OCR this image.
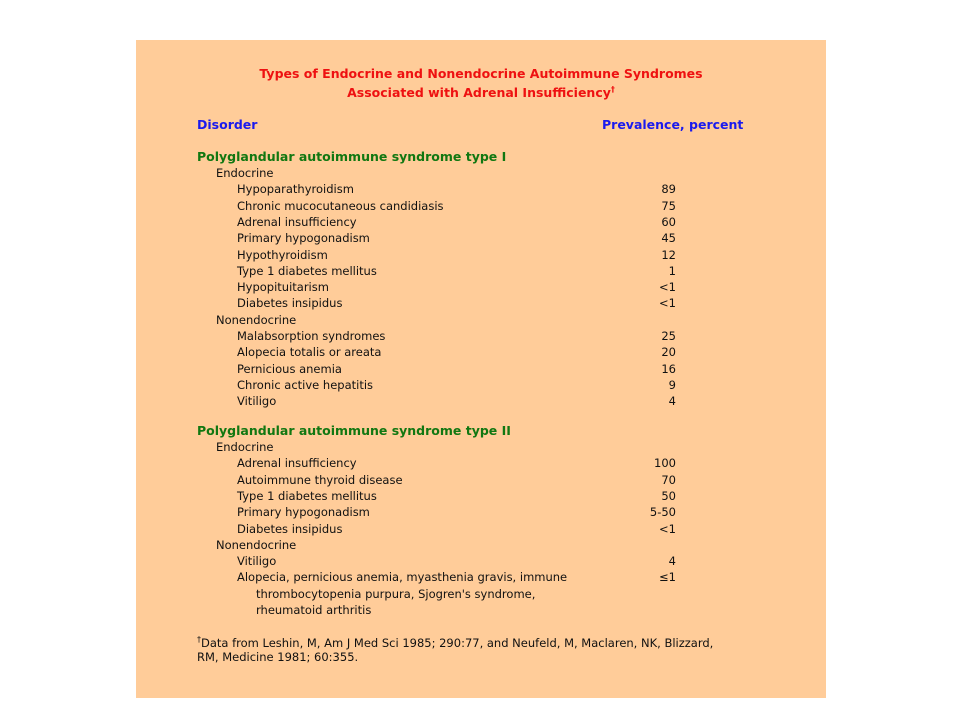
Types of Endocrine and Nonendocrine Autoimmune Syndromes
Associated with Adrenal Insufficiency†
Disorder	Prevalence, percent
Polyglandular autoimmune syndrome type I
Endocrine
Hypoparathyroidism	89
Chronic mucocutaneous candidiasis	75
Adrenal insufficiency	60
Primary hypogonadism	45
Hypothyroidism	12
Type 1 diabetes mellitus	1
Hypopituitarism	<1
Diabetes insipidus	<1
Nonendocrine
Malabsorption syndromes	25
Alopecia totalis or areata	20
Pernicious anemia	16
Chronic active hepatitis	9
Vitiligo	4
Polyglandular autoimmune syndrome type II
Endocrine
Adrenal insufficiency	100
Autoimmune thyroid disease	70
Type 1 diabetes mellitus	50
Primary hypogonadism	5-50
Diabetes insipidus	<1
Nonendocrine
Vitiligo	4
Alopecia, pernicious anemia, myasthenia gravis, immune	≤1
thrombocytopenia purpura, Sjogren's syndrome,
rheumatoid arthritis
†Data from Leshin, M, Am J Med Sci 1985; 290:77, and Neufeld, M, Maclaren, NK, Blizzard,
RM, Medicine 1981; 60:355.
